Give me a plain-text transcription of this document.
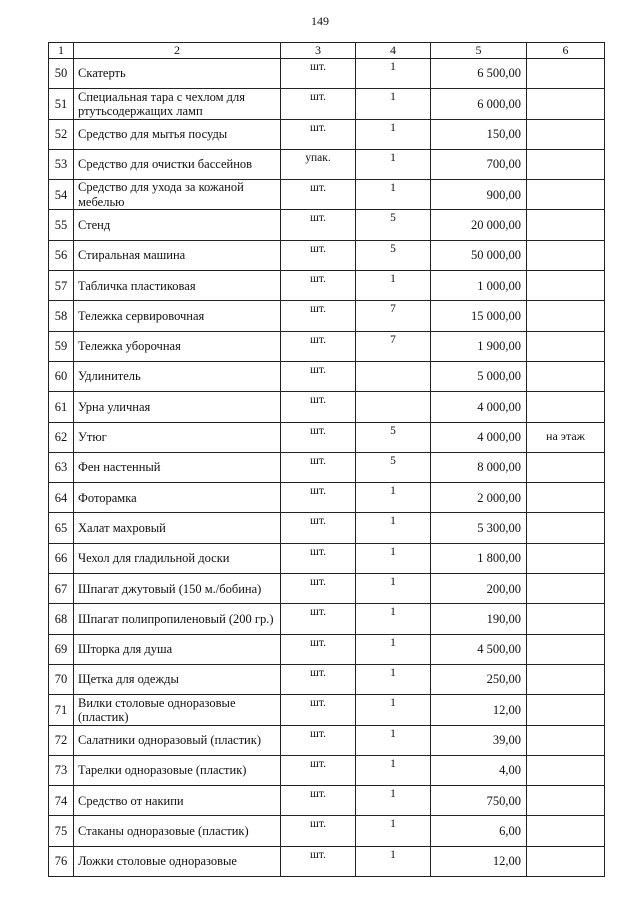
149
1	2	3	4	5	6
50	Скатерть	шт.	1	6 500,00	
51	Специальная тара с чехлом для ртутьсодержащих ламп	шт.	1	6 000,00	
52	Средство для мытья посуды	шт.	1	150,00	
53	Средство для очистки бассейнов	упак.	1	700,00	
54	Средство для ухода за кожаной мебелью	шт.	1	900,00	
55	Стенд	шт.	5	20 000,00	
56	Стиральная машина	шт.	5	50 000,00	
57	Табличка пластиковая	шт.	1	1 000,00	
58	Тележка сервировочная	шт.	7	15 000,00	
59	Тележка уборочная	шт.	7	1 900,00	
60	Удлинитель	шт.		5 000,00	
61	Урна уличная	шт.		4 000,00	
62	Утюг	шт.	5	4 000,00	на этаж
63	Фен настенный	шт.	5	8 000,00	
64	Фоторамка	шт.	1	2 000,00	
65	Халат махровый	шт.	1	5 300,00	
66	Чехол для гладильной доски	шт.	1	1 800,00	
67	Шпагат джутовый (150 м./бобина)	шт.	1	200,00	
68	Шпагат полипропиленовый (200 гр.)	шт.	1	190,00	
69	Шторка для душа	шт.	1	4 500,00	
70	Щетка для одежды	шт.	1	250,00	
71	Вилки столовые одноразовые (пластик)	шт.	1	12,00	
72	Салатники одноразовый (пластик)	шт.	1	39,00	
73	Тарелки одноразовые (пластик)	шт.	1	4,00	
74	Средство от накипи	шт.	1	750,00	
75	Стаканы одноразовые (пластик)	шт.	1	6,00	
76	Ложки столовые одноразовые	шт.	1	12,00	
